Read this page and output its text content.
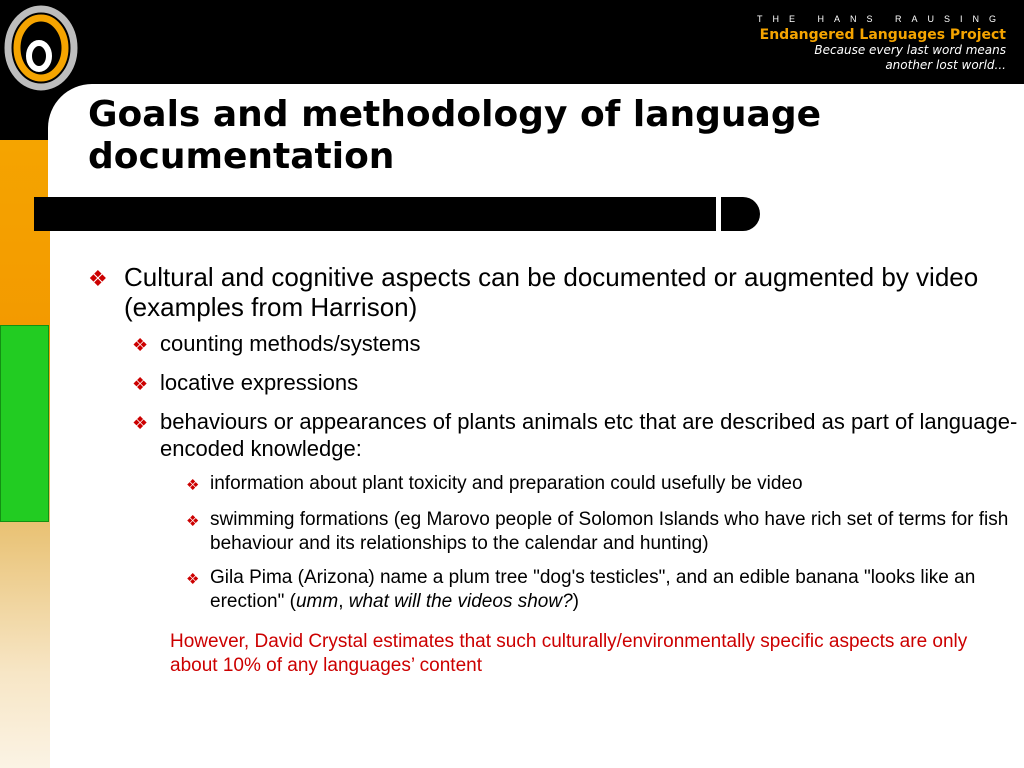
THE HANS RAUSING
Endangered Languages Project
Because every last word means
another lost world...
Goals and methodology of language documentation
❖ Cultural and cognitive aspects can be documented or augmented by video (examples from Harrison)
❖ counting methods/systems
❖ locative expressions
❖ behaviours or appearances of plants animals etc that are described as part of language-encoded knowledge:
❖ information about plant toxicity and preparation could usefully be video
❖ swimming formations (eg Marovo people of Solomon Islands who have rich set of terms for fish behaviour and its relationships to the calendar and hunting)
❖ Gila Pima (Arizona) name a plum tree "dog's testicles", and an edible banana "looks like an erection" (umm, what will the videos show?)
However, David Crystal estimates that such culturally/environmentally specific aspects are only about 10% of any languages’ content
